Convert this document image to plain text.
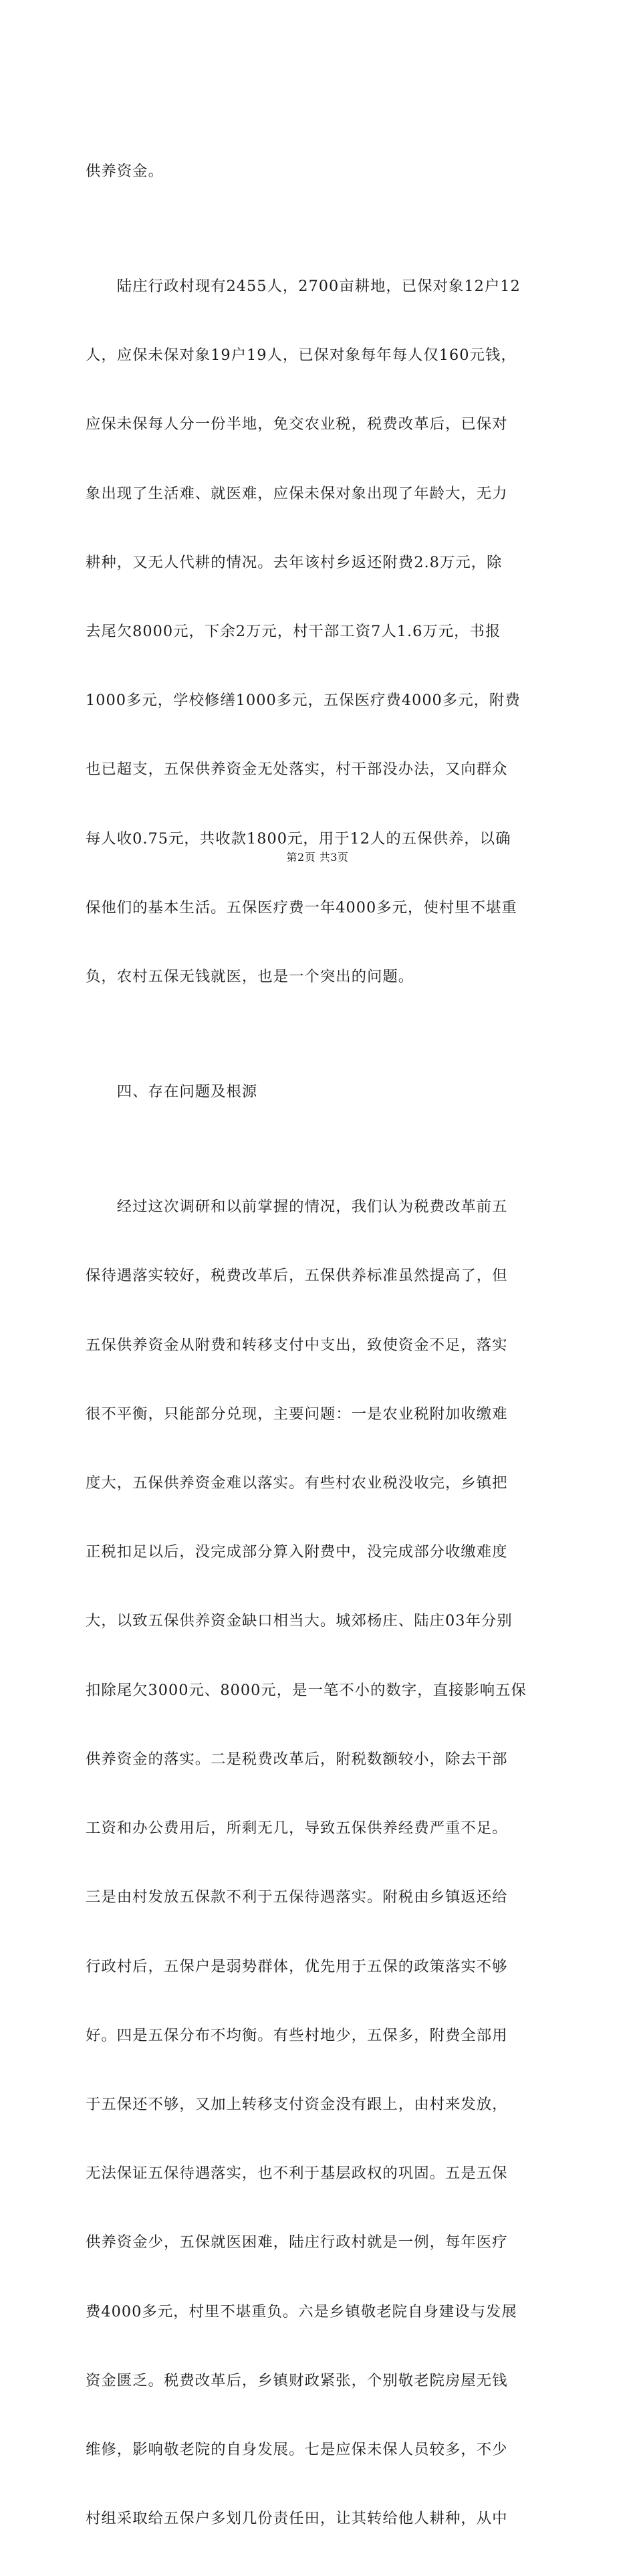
供养资金。

　　陆庄行政村现有2455人，2700亩耕地，已保对象12户12

人，应保未保对象19户19人，已保对象每年每人仅160元钱，

应保未保每人分一份半地，免交农业税，税费改革后，已保对

象出现了生活难、就医难，应保未保对象出现了年龄大，无力

耕种，又无人代耕的情况。去年该村乡返还附费2.8万元，除

去尾欠8000元，下余2万元，村干部工资7人1.6万元，书报

1000多元，学校修缮1000多元，五保医疗费4000多元，附费

也已超支，五保供养资金无处落实，村干部没办法，又向群众

每人收0.75元，共收款1800元，用于12人的五保供养，以确

保他们的基本生活。五保医疗费一年4000多元，使村里不堪重

负，农村五保无钱就医，也是一个突出的问题。

　　四、存在问题及根源

　　经过这次调研和以前掌握的情况，我们认为税费改革前五

保待遇落实较好，税费改革后，五保供养标准虽然提高了，但

五保供养资金从附费和转移支付中支出，致使资金不足，落实

很不平衡，只能部分兑现，主要问题：一是农业税附加收缴难

度大，五保供养资金难以落实。有些村农业税没收完，乡镇把

正税扣足以后，没完成部分算入附费中，没完成部分收缴难度

大，以致五保供养资金缺口相当大。城郊杨庄、陆庄03年分别

扣除尾欠3000元、8000元，是一笔不小的数字，直接影响五保

供养资金的落实。二是税费改革后，附税数额较小，除去干部

工资和办公费用后，所剩无几，导致五保供养经费严重不足。

三是由村发放五保款不利于五保待遇落实。附税由乡镇返还给

行政村后，五保户是弱势群体，优先用于五保的政策落实不够

好。四是五保分布不均衡。有些村地少，五保多，附费全部用

于五保还不够，又加上转移支付资金没有跟上，由村来发放，

无法保证五保待遇落实，也不利于基层政权的巩固。五是五保

供养资金少，五保就医困难，陆庄行政村就是一例，每年医疗

费4000多元，村里不堪重负。六是乡镇敬老院自身建设与发展

资金匮乏。税费改革后，乡镇财政紧张，个别敬老院房屋无钱

维修，影响敬老院的自身发展。七是应保未保人员较多，不少

村组采取给五保户多划几份责任田，让其转给他人耕种，从中

第2页 共3页
